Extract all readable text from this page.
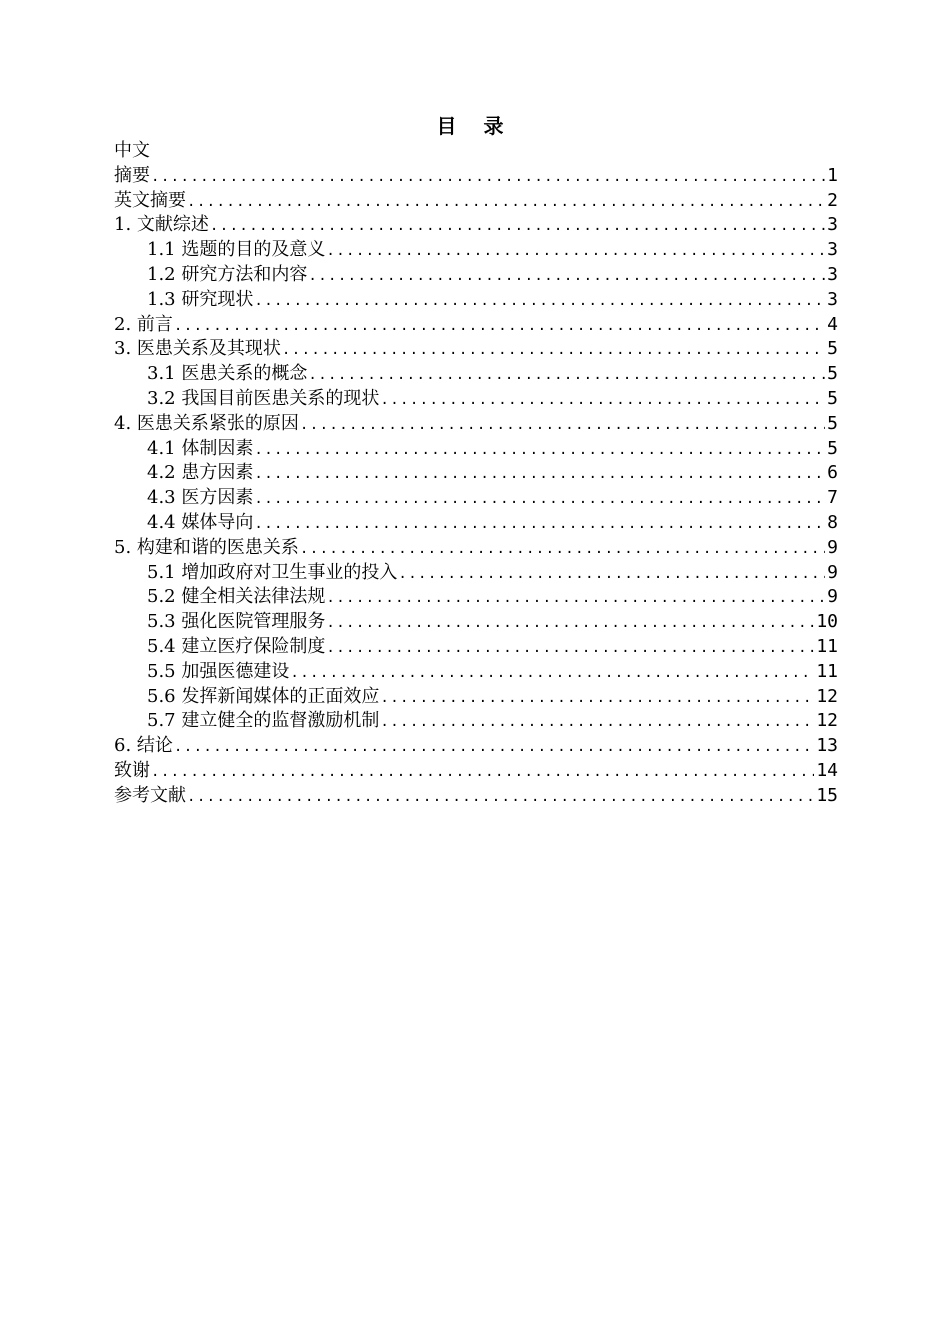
目 录
中文
摘要 .....	1
英文摘要 .....	2
1. 文献综述 .....	3
1.1 选题的目的及意义 .....	3
1.2 研究方法和内容 .....	3
1.3 研究现状 .....	3
2. 前言 .....	4
3. 医患关系及其现状 .....	5
3.1 医患关系的概念 .....	5
3.2 我国目前医患关系的现状 .....	5
4. 医患关系紧张的原因 .....	5
4.1 体制因素 .....	5
4.2 患方因素 .....	6
4.3 医方因素 .....	7
4.4 媒体导向 .....	8
5. 构建和谐的医患关系 .....	9
5.1 增加政府对卫生事业的投入 .....	9
5.2 健全相关法律法规 .....	9
5.3 强化医院管理服务 .....	10
5.4 建立医疗保险制度 .....	11
5.5 加强医德建设 .....	11
5.6 发挥新闻媒体的正面效应 .....	12
5.7 建立健全的监督激励机制 .....	12
6. 结论 .....	13
致谢 .....	14
参考文献 .....	15
